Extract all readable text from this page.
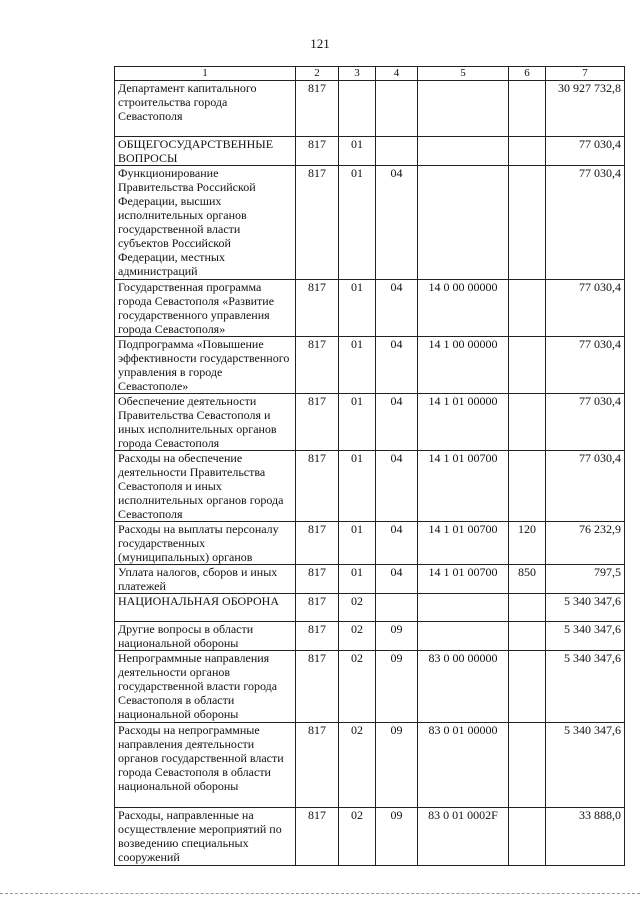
121
1	2	3	4	5	6	7
Департамент капитального строительства города Севастополя	817					30 927 732,8
ОБЩЕГОСУДАРСТВЕННЫЕ ВОПРОСЫ	817	01				77 030,4
Функционирование Правительства Российской Федерации, высших исполнительных органов государственной власти субъектов Российской Федерации, местных администраций	817	01	04			77 030,4
Государственная программа города Севастополя «Развитие государственного управления города Севастополя»	817	01	04	14 0 00 00000		77 030,4
Подпрограмма «Повышение эффективности государственного управления в городе Севастополе»	817	01	04	14 1 00 00000		77 030,4
Обеспечение деятельности Правительства Севастополя и иных исполнительных органов города Севастополя	817	01	04	14 1 01 00000		77 030,4
Расходы на обеспечение деятельности Правительства Севастополя и иных исполнительных органов города Севастополя	817	01	04	14 1 01 00700		77 030,4
Расходы на выплаты персоналу государственных (муниципальных) органов	817	01	04	14 1 01 00700	120	76 232,9
Уплата налогов, сборов и иных платежей	817	01	04	14 1 01 00700	850	797,5
НАЦИОНАЛЬНАЯ ОБОРОНА	817	02				5 340 347,6
Другие вопросы в области национальной обороны	817	02	09			5 340 347,6
Непрограммные направления деятельности органов государственной власти города Севастополя в области национальной обороны	817	02	09	83 0 00 00000		5 340 347,6
Расходы на непрограммные направления деятельности органов государственной власти города Севастополя в области национальной обороны	817	02	09	83 0 01 00000		5 340 347,6
Расходы, направленные на осуществление мероприятий по возведению специальных сооружений	817	02	09	83 0 01 0002F		33 888,0
